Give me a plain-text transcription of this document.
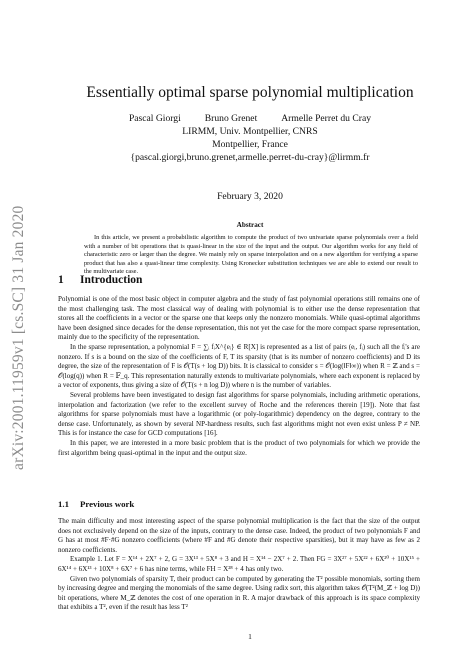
arXiv:2001.11959v1 [cs.SC] 31 Jan 2020
Essentially optimal sparse polynomial multiplication
Pascal Giorgi	Bruno Grenet	Armelle Perret du Cray
LIRMM, Univ. Montpellier, CNRS
Montpellier, France
{pascal.giorgi,bruno.grenet,armelle.perret-du-cray}@lirmm.fr
February 3, 2020
Abstract
In this article, we present a probabilistic algorithm to compute the product of two univariate sparse polynomials over a field with a number of bit operations that is quasi-linear in the size of the input and the output. Our algorithm works for any field of characteristic zero or larger than the degree. We mainly rely on sparse interpolation and on a new algorithm for verifying a sparse product that has also a quasi-linear time complexity. Using Kronecker substitution techniques we are able to extend our result to the multivariate case.
1 Introduction

Polynomial is one of the most basic object in computer algebra and the study of fast polynomial operations still remains one of the most challenging task. The most classical way of dealing with polynomial is to either use the dense representation that stores all the coefficients in a vector or the sparse one that keeps only the nonzero monomials. While quasi-optimal algorithms have been designed since decades for the dense representation, this not yet the case for the more compact sparse representation, mainly due to the specificity of the representation.

In the sparse representation, a polynomial F = ∑ᵢ fᵢX^{eᵢ} ∈ R[X] is represented as a list of pairs (eᵢ, fᵢ) such all the fᵢ's are nonzero. If s is a bound on the size of the coefficients of F, T its sparsity (that is its number of nonzero coefficients) and D its degree, the size of the representation of F is 𝒪(T(s + log D)) bits. It is classical to consider s = 𝒪(log(‖F‖∞)) when R = ℤ and s = 𝒪(log(q)) when R = 𝔽_q. This representation naturally extends to multivariate polynomials, where each exponent is replaced by a vector of exponents, thus giving a size of 𝒪(T(s + n log D)) where n is the number of variables.

Several problems have been investigated to design fast algorithms for sparse polynomials, including arithmetic operations, interpolation and factorization (we refer to the excellent survey of Roche and the references therein [19]). Note that fast algorithms for sparse polynomials must have a logarithmic (or poly-logarithmic) dependency on the degree, contrary to the dense case. Unfortunately, as shown by several NP-hardness results, such fast algorithms might not even exist unless P ≠ NP. This is for instance the case for GCD computations [16].

In this paper, we are interested in a more basic problem that is the product of two polynomials for which we provide the first algorithm being quasi-optimal in the input and the output size.

1.1 Previous work

The main difficulty and most interesting aspect of the sparse polynomial multiplication is the fact that the size of the output does not exclusively depend on the size of the inputs, contrary to the dense case. Indeed, the product of two polynomials F and G has at most #F·#G nonzero coefficients (where #F and #G denote their respective sparsities), but it may have as few as 2 nonzero coefficients.

Example 1. Let F = X¹⁴ + 2X⁷ + 2, G = 3X¹³ + 5X⁸ + 3 and H = X¹⁴ − 2X⁷ + 2. Then FG = 3X²⁷ + 5X²² + 6X²⁰ + 10X¹⁵ + 6X¹⁴ + 6X¹³ + 10X⁸ + 6X⁷ + 6 has nine terms, while FH = X²⁸ + 4 has only two.

Given two polynomials of sparsity T, their product can be computed by generating the T² possible monomials, sorting them by increasing degree and merging the monomials of the same degree. Using radix sort, this algorithm takes 𝒪(T²(M_ℤ + log D)) bit operations, where M_ℤ denotes the cost of one operation in R. A major drawback of this approach is its space complexity that exhibits a T², even if the result has less T²

1
